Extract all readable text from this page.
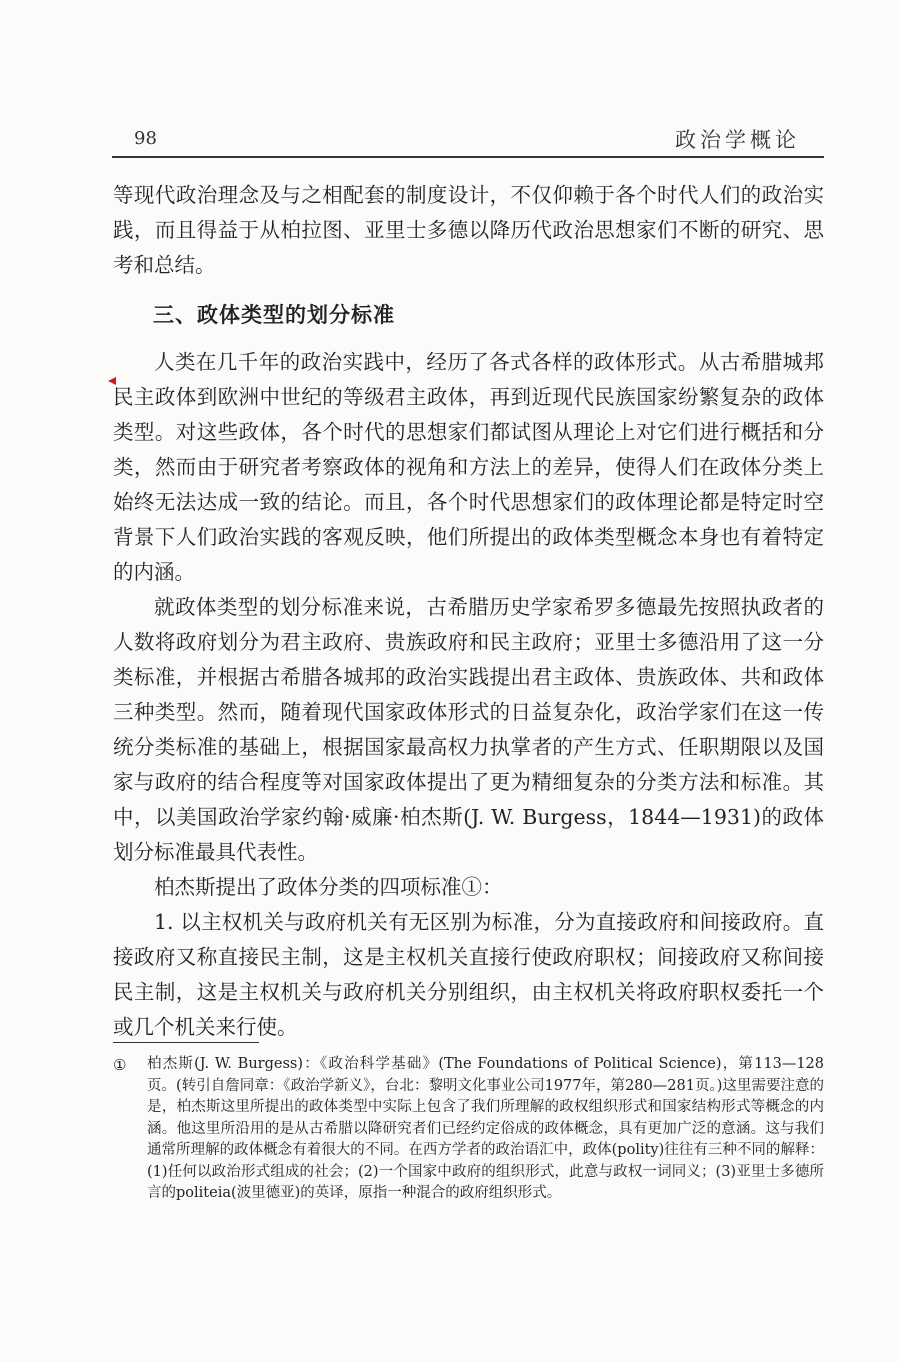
98	政治学概论

等现代政治理念及与之相配套的制度设计，不仅仰赖于各个时代人们的政治实践，而且得益于从柏拉图、亚里士多德以降历代政治思想家们不断的研究、思考和总结。

三、政体类型的划分标准

人类在几千年的政治实践中，经历了各式各样的政体形式。从古希腊城邦民主政体到欧洲中世纪的等级君主政体，再到近现代民族国家纷繁复杂的政体类型。对这些政体，各个时代的思想家们都试图从理论上对它们进行概括和分类，然而由于研究者考察政体的视角和方法上的差异，使得人们在政体分类上始终无法达成一致的结论。而且，各个时代思想家们的政体理论都是特定时空背景下人们政治实践的客观反映，他们所提出的政体类型概念本身也有着特定的内涵。

就政体类型的划分标准来说，古希腊历史学家希罗多德最先按照执政者的人数将政府划分为君主政府、贵族政府和民主政府；亚里士多德沿用了这一分类标准，并根据古希腊各城邦的政治实践提出君主政体、贵族政体、共和政体三种类型。然而，随着现代国家政体形式的日益复杂化，政治学家们在这一传统分类标准的基础上，根据国家最高权力执掌者的产生方式、任职期限以及国家与政府的结合程度等对国家政体提出了更为精细复杂的分类方法和标准。其中，以美国政治学家约翰·威廉·柏杰斯(J. W. Burgess，1844—1931)的政体划分标准最具代表性。

柏杰斯提出了政体分类的四项标准①：

1. 以主权机关与政府机关有无区别为标准，分为直接政府和间接政府。直接政府又称直接民主制，这是主权机关直接行使政府职权；间接政府又称间接民主制，这是主权机关与政府机关分别组织，由主权机关将政府职权委托一个或几个机关来行使。

①	柏杰斯(J. W. Burgess)：《政治科学基础》(The Foundations of Political Science)，第113—128页。(转引自詹同章：《政治学新义》，台北：黎明文化事业公司1977年，第280—281页。)这里需要注意的是，柏杰斯这里所提出的政体类型中实际上包含了我们所理解的政权组织形式和国家结构形式等概念的内涵。他这里所沿用的是从古希腊以降研究者们已经约定俗成的政体概念，具有更加广泛的意涵。这与我们通常所理解的政体概念有着很大的不同。在西方学者的政治语汇中，政体(polity)往往有三种不同的解释：(1)任何以政治形式组成的社会；(2)一个国家中政府的组织形式，此意与政权一词同义；(3)亚里士多德所言的politeia(波里德亚)的英译，原指一种混合的政府组织形式。
